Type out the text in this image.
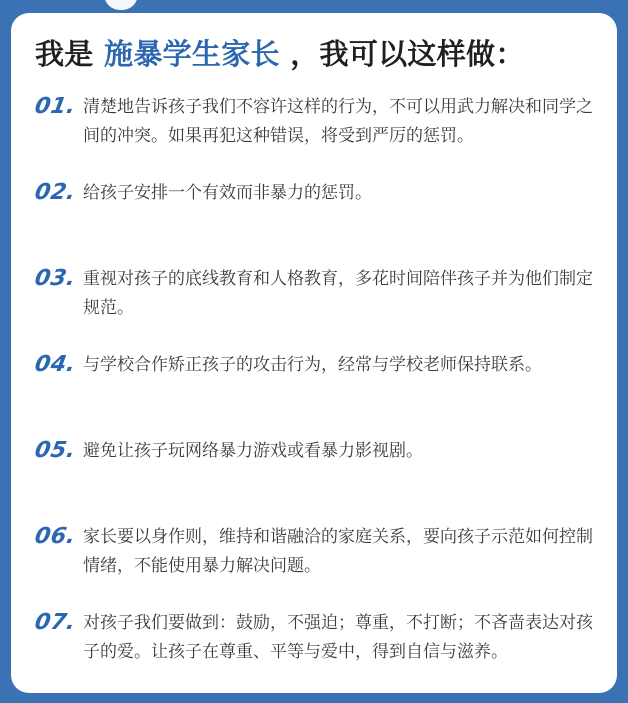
我是 施暴学生家长 ，我可以这样做：
01. 清楚地告诉孩子我们不容许这样的行为，不可以用武力解决和同学之间的冲突。如果再犯这种错误，将受到严厉的惩罚。
02. 给孩子安排一个有效而非暴力的惩罚。
03. 重视对孩子的底线教育和人格教育，多花时间陪伴孩子并为他们制定规范。
04. 与学校合作矫正孩子的攻击行为，经常与学校老师保持联系。
05. 避免让孩子玩网络暴力游戏或看暴力影视剧。
06. 家长要以身作则，维持和谐融洽的家庭关系，要向孩子示范如何控制情绪，不能使用暴力解决问题。
07. 对孩子我们要做到：鼓励，不强迫；尊重，不打断；不吝啬表达对孩子的爱。让孩子在尊重、平等与爱中，得到自信与滋养。
